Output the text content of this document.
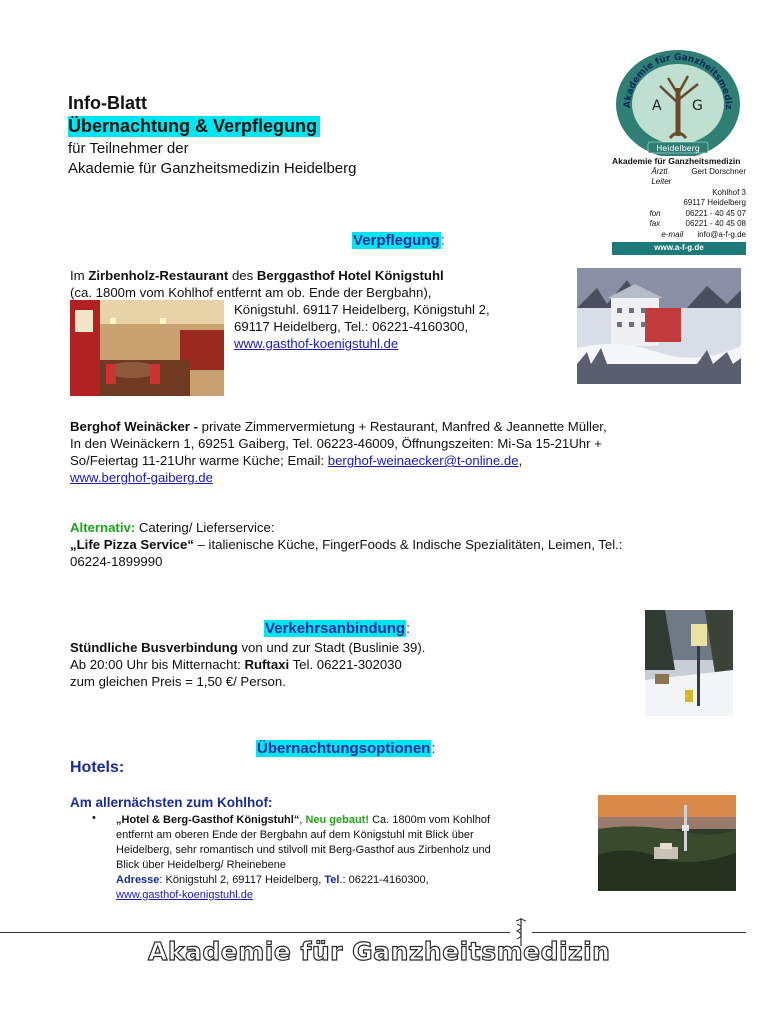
Info-Blatt
Übernachtung & Verpflegung
für Teilnehmer der
Akademie für Ganzheitsmedizin Heidelberg
A G
Akademie für Ganzheitsmediz
Heidelberg
Akademie für Ganzheitsmedizin
Ärztl. Leiter
Gert Dorschner
Kohlhof 3
69117 Heidelberg
fon	06221 - 40 45 07
fax	06221 - 40 45 08
e-mail	info@a-f-g.de
www.a-f-g.de
Verpflegung:
Im Zirbenholz-Restaurant des Berggasthof Hotel Königstuhl
(ca. 1800m vom Kohlhof entfernt am ob. Ende der Bergbahn),
Königstuhl. 69117 Heidelberg, Königstuhl 2,
69117 Heidelberg, Tel.: 06221-4160300,
www.gasthof-koenigstuhl.de
Berghof Weinäcker - private Zimmervermietung + Restaurant, Manfred & Jeannette Müller,
In den Weinäckern 1, 69251 Gaiberg, Tel. 06223-46009, Öffnungszeiten: Mi-Sa 15-21Uhr +
So/Feiertag 11-21Uhr warme Küche; Email: berghof-weinaecker@t-online.de,
www.berghof-gaiberg.de
Alternativ: Catering/ Lieferservice:
„Life Pizza Service“ – italienische Küche, FingerFoods & Indische Spezialitäten, Leimen, Tel.:
06224-1899990
Verkehrsanbindung:
Stündliche Busverbindung von und zur Stadt (Buslinie 39).
Ab 20:00 Uhr bis Mitternacht: Ruftaxi Tel. 06221-302030
zum gleichen Preis = 1,50 €/ Person.
Übernachtungsoptionen:
Hotels:
Am allernächsten zum Kohlhof:
• „Hotel & Berg-Gasthof Königstuhl“, Neu gebaut! Ca. 1800m vom Kohlhof
entfernt am oberen Ende der Bergbahn auf dem Königstuhl mit Blick über
Heidelberg, sehr romantisch und stilvoll mit Berg-Gasthof aus Zirbenholz und
Blick über Heidelberg/ Rheinebene
Adresse: Königstuhl 2, 69117 Heidelberg, Tel.: 06221-4160300,
www.gasthof-koenigstuhl.de
Akademie für Ganzheitsmedizin
